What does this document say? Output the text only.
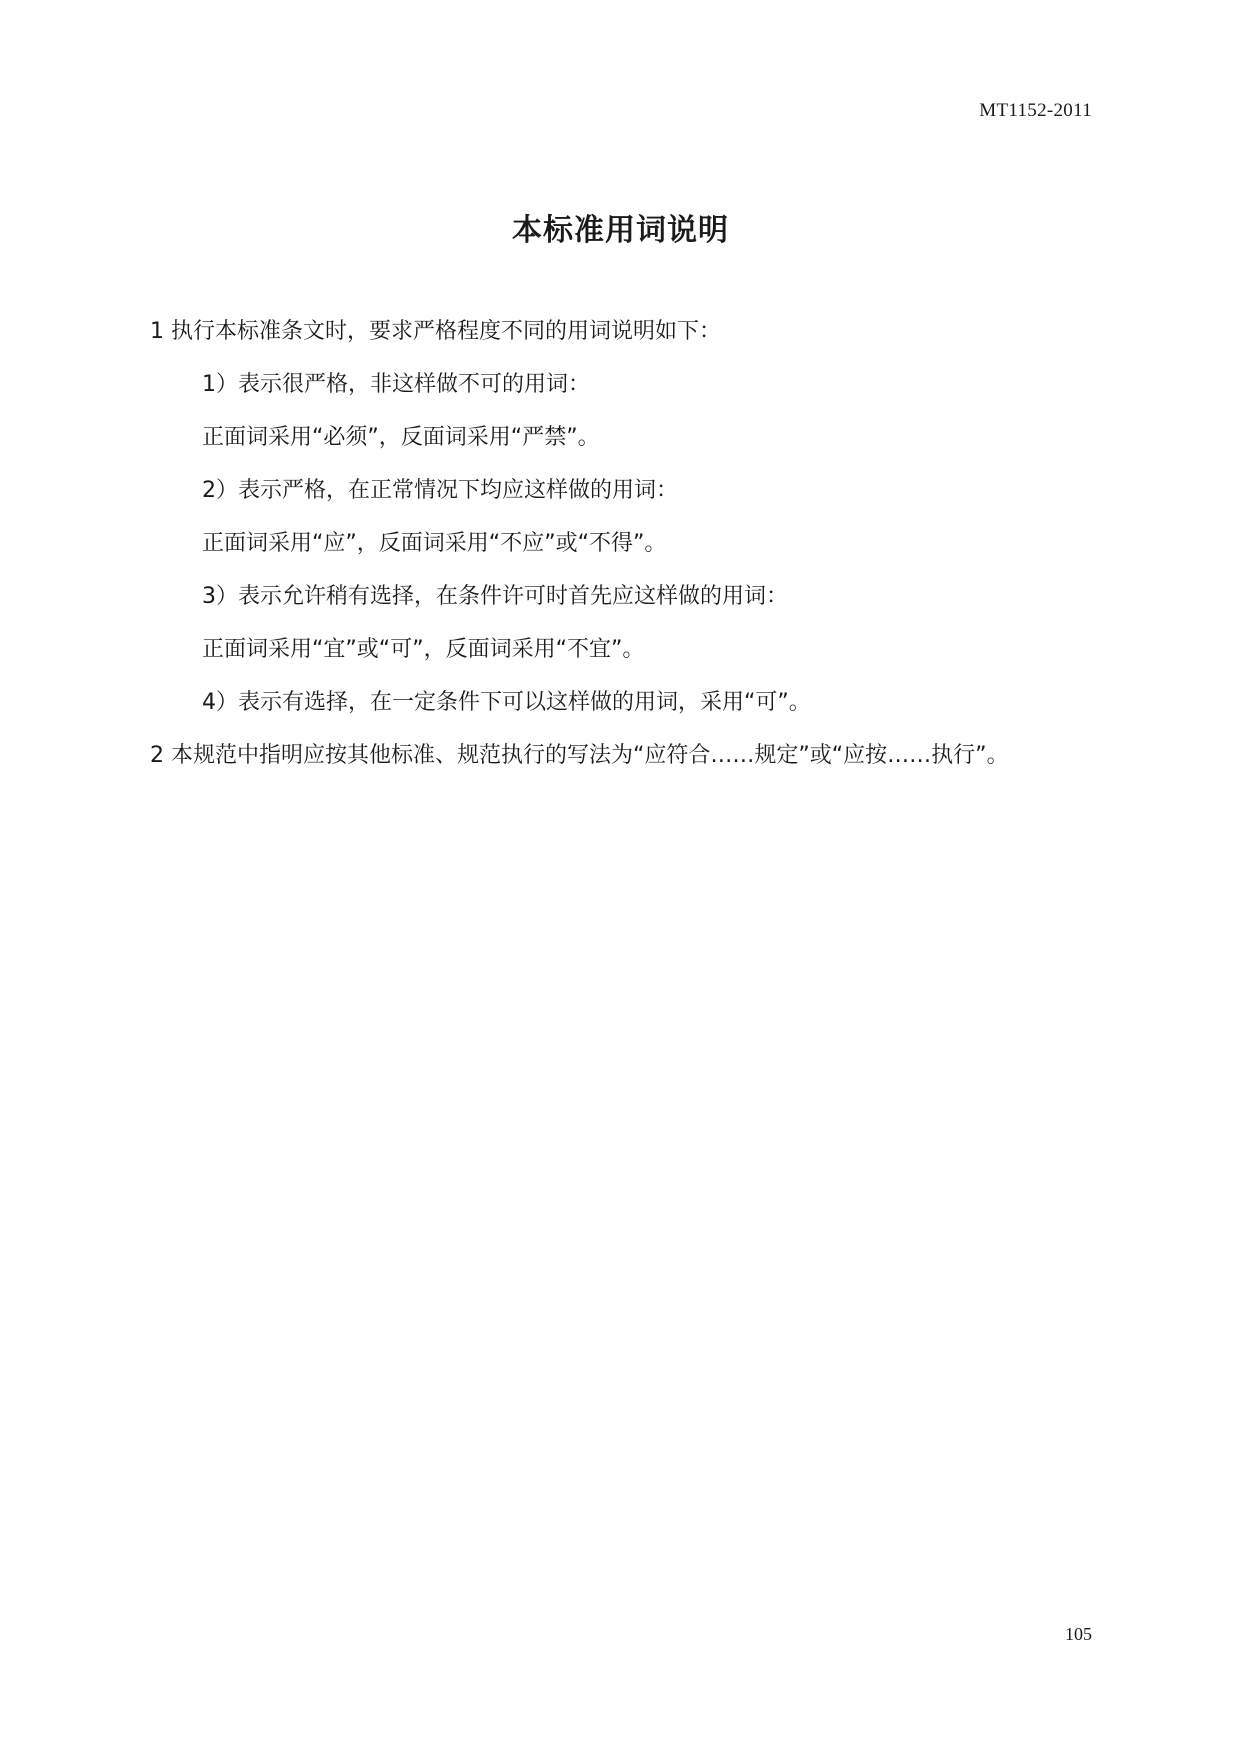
MT1152-2011
本标准用词说明
1 执行本标准条文时，要求严格程度不同的用词说明如下：
1）表示很严格，非这样做不可的用词：
正面词采用“必须”，反面词采用“严禁”。
2）表示严格，在正常情况下均应这样做的用词：
正面词采用“应”，反面词采用“不应”或“不得”。
3）表示允许稍有选择，在条件许可时首先应这样做的用词：
正面词采用“宜”或“可”，反面词采用“不宜”。
4）表示有选择，在一定条件下可以这样做的用词，采用“可”。
2 本规范中指明应按其他标准、规范执行的写法为“应符合……规定”或“应按……执行”。
105
